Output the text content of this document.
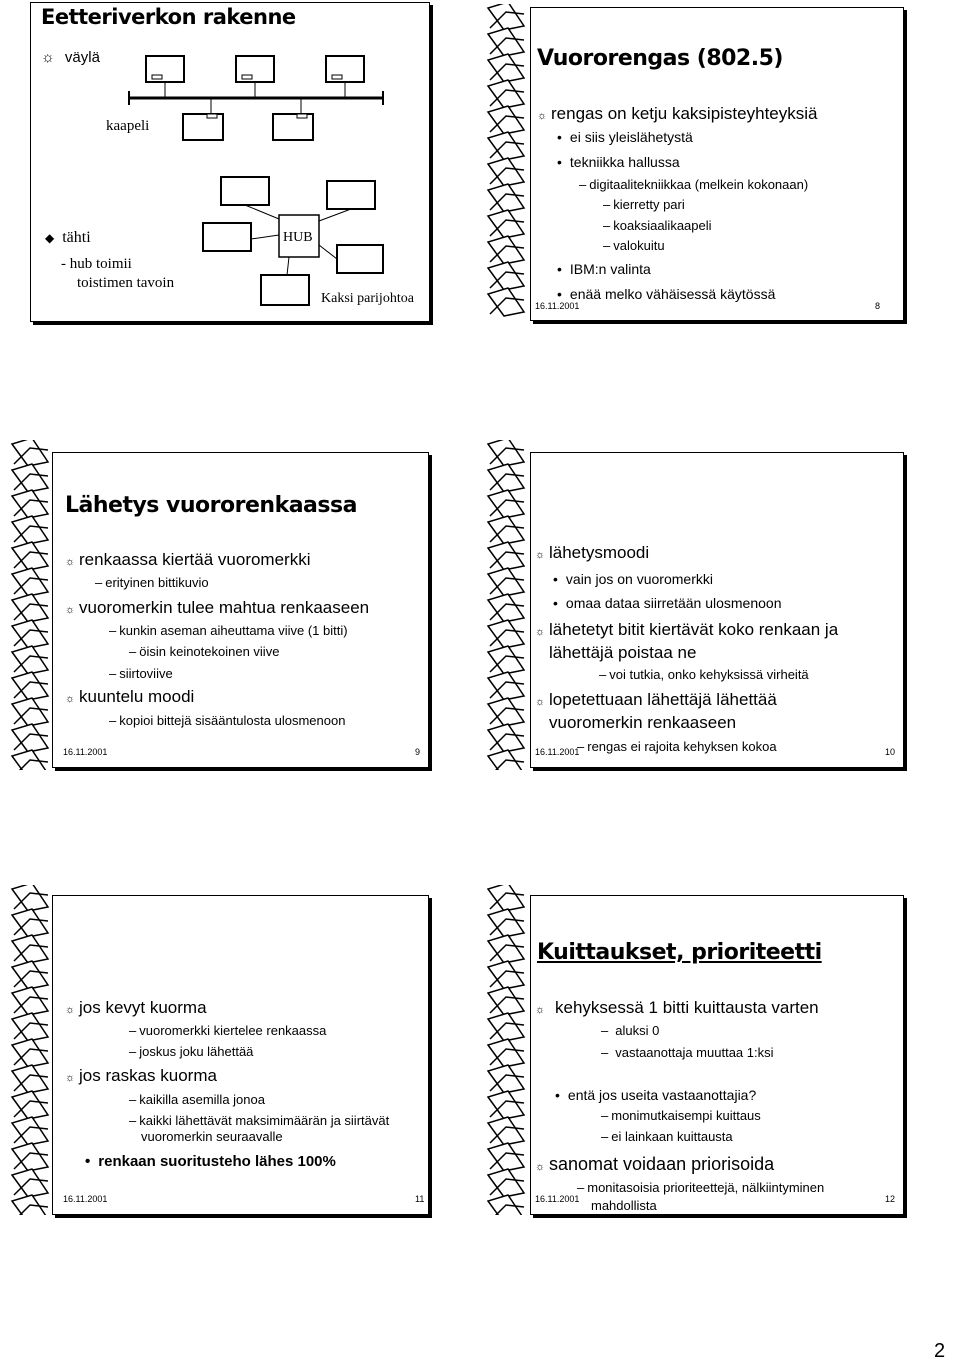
Eetteriverkon rakenne
☼ väylä
kaapeli
◆ tähti
- hub toimii
toistimen tavoin
Kaksi parijohtoa
HUB
Vuororengas (802.5)
☼ rengas on ketju kaksipisteyhteyksiä
• ei siis yleislähetystä
• tekniikka hallussa
– digitaalitekniikkaa (melkein kokonaan)
– kierretty pari
– koaksiaalikaapeli
– valokuitu
• IBM:n valinta
• enää melko vähäisessä käytössä
16.11.2001	8
Lähetys vuororenkaassa
☼ renkaassa kiertää vuoromerkki
– erityinen bittikuvio
☼ vuoromerkin tulee mahtua renkaaseen
– kunkin aseman aiheuttama viive (1 bitti)
– öisin keinotekoinen viive
– siirtoviive
☼ kuuntelu moodi
– kopioi bittejä sisääntulosta ulosmenoon
16.11.2001	9
☼ lähetysmoodi
• vain jos on vuoromerkki
• omaa dataa siirretään ulosmenoon
☼ lähetetyt bitit kiertävät koko renkaan ja
lähettäjä poistaa ne
– voi tutkia, onko kehyksissä virheitä
☼ lopetettuaan lähettäjä lähettää
vuoromerkin renkaaseen
– rengas ei rajoita kehyksen kokoa
16.11.2001	10
☼ jos kevyt kuorma
– vuoromerkki kiertelee renkaassa
– joskus joku lähettää
☼ jos raskas kuorma
– kaikilla asemilla jonoa
– kaikki lähettävät maksimimäärän ja siirtävät
vuoromerkin seuraavalle
• renkaan suoritusteho lähes 100%
16.11.2001	11
Kuittaukset, prioriteetti
☼ kehyksessä 1 bitti kuittausta varten
– aluksi 0
– vastaanottaja muuttaa 1:ksi
• entä jos useita vastaanottajia?
– monimutkaisempi kuittaus
– ei lainkaan kuittausta
☼ sanomat voidaan priorisoida
– monitasoisia prioriteettejä, nälkiintyminen
mahdollista
16.11.2001	12
2
